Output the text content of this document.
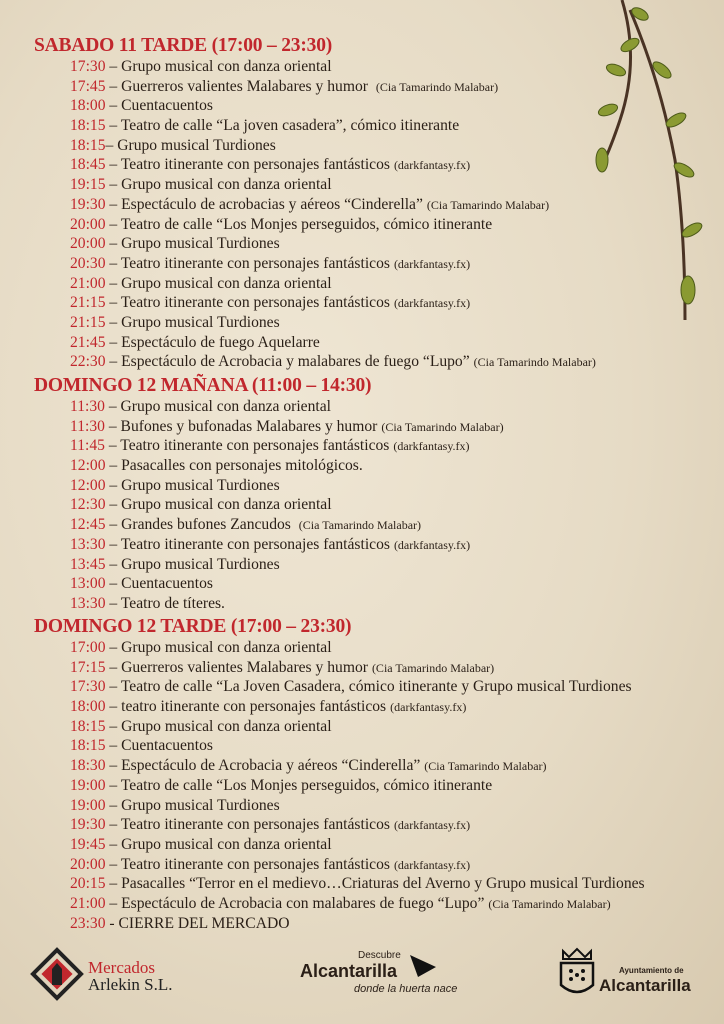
SABADO 11 TARDE (17:00 – 23:30)
17:30 – Grupo musical con danza oriental
17:45 – Guerreros valientes Malabares y humor (Cia Tamarindo Malabar)
18:00 – Cuentacuentos
18:15 – Teatro de calle “La joven casadera”, cómico itinerante
18:15– Grupo musical Turdiones
18:45 – Teatro itinerante con personajes fantásticos (darkfantasy.fx)
19:15 – Grupo musical con danza oriental
19:30 – Espectáculo de acrobacias y aéreos “Cinderella” (Cia Tamarindo Malabar)
20:00 – Teatro de calle “Los Monjes perseguidos, cómico itinerante
20:00 – Grupo musical Turdiones
20:30 – Teatro itinerante con personajes fantásticos (darkfantasy.fx)
21:00 – Grupo musical con danza oriental
21:15 – Teatro itinerante con personajes fantásticos (darkfantasy.fx)
21:15 – Grupo musical Turdiones
21:45 – Espectáculo de fuego Aquelarre
22:30 – Espectáculo de Acrobacia y malabares de fuego “Lupo” (Cia Tamarindo Malabar)
DOMINGO 12 MAÑANA (11:00 – 14:30)
11:30 – Grupo musical con danza oriental
11:30 – Bufones y bufonadas Malabares y humor (Cia Tamarindo Malabar)
11:45 – Teatro itinerante con personajes fantásticos (darkfantasy.fx)
12:00 – Pasacalles con personajes mitológicos.
12:00 – Grupo musical Turdiones
12:30 – Grupo musical con danza oriental
12:45 – Grandes bufones Zancudos (Cia Tamarindo Malabar)
13:30 – Teatro itinerante con personajes fantásticos (darkfantasy.fx)
13:45 – Grupo musical Turdiones
13:00 – Cuentacuentos
13:30 – Teatro de títeres.
DOMINGO 12 TARDE (17:00 – 23:30)
17:00 – Grupo musical con danza oriental
17:15 – Guerreros valientes Malabares y humor (Cia Tamarindo Malabar)
17:30 – Teatro de calle “La Joven Casadera, cómico itinerante y Grupo musical Turdiones
18:00 – teatro itinerante con personajes fantásticos (darkfantasy.fx)
18:15 – Grupo musical con danza oriental
18:15 – Cuentacuentos
18:30 – Espectáculo de Acrobacia y aéreos “Cinderella” (Cia Tamarindo Malabar)
19:00 – Teatro de calle “Los Monjes perseguidos, cómico itinerante
19:00 – Grupo musical Turdiones
19:30 – Teatro itinerante con personajes fantásticos (darkfantasy.fx)
19:45 – Grupo musical con danza oriental
20:00 – Teatro itinerante con personajes fantásticos (darkfantasy.fx)
20:15 – Pasacalles “Terror en el medievo…Criaturas del Averno y Grupo musical Turdiones
21:00 – Espectáculo de Acrobacia con malabares de fuego “Lupo” (Cia Tamarindo Malabar)
23:30 - CIERRE DEL MERCADO
Mercados
Arlekin S.L.
Descubre
Alcantarilla
donde la huerta nace
Ayuntamiento de
Alcantarilla
